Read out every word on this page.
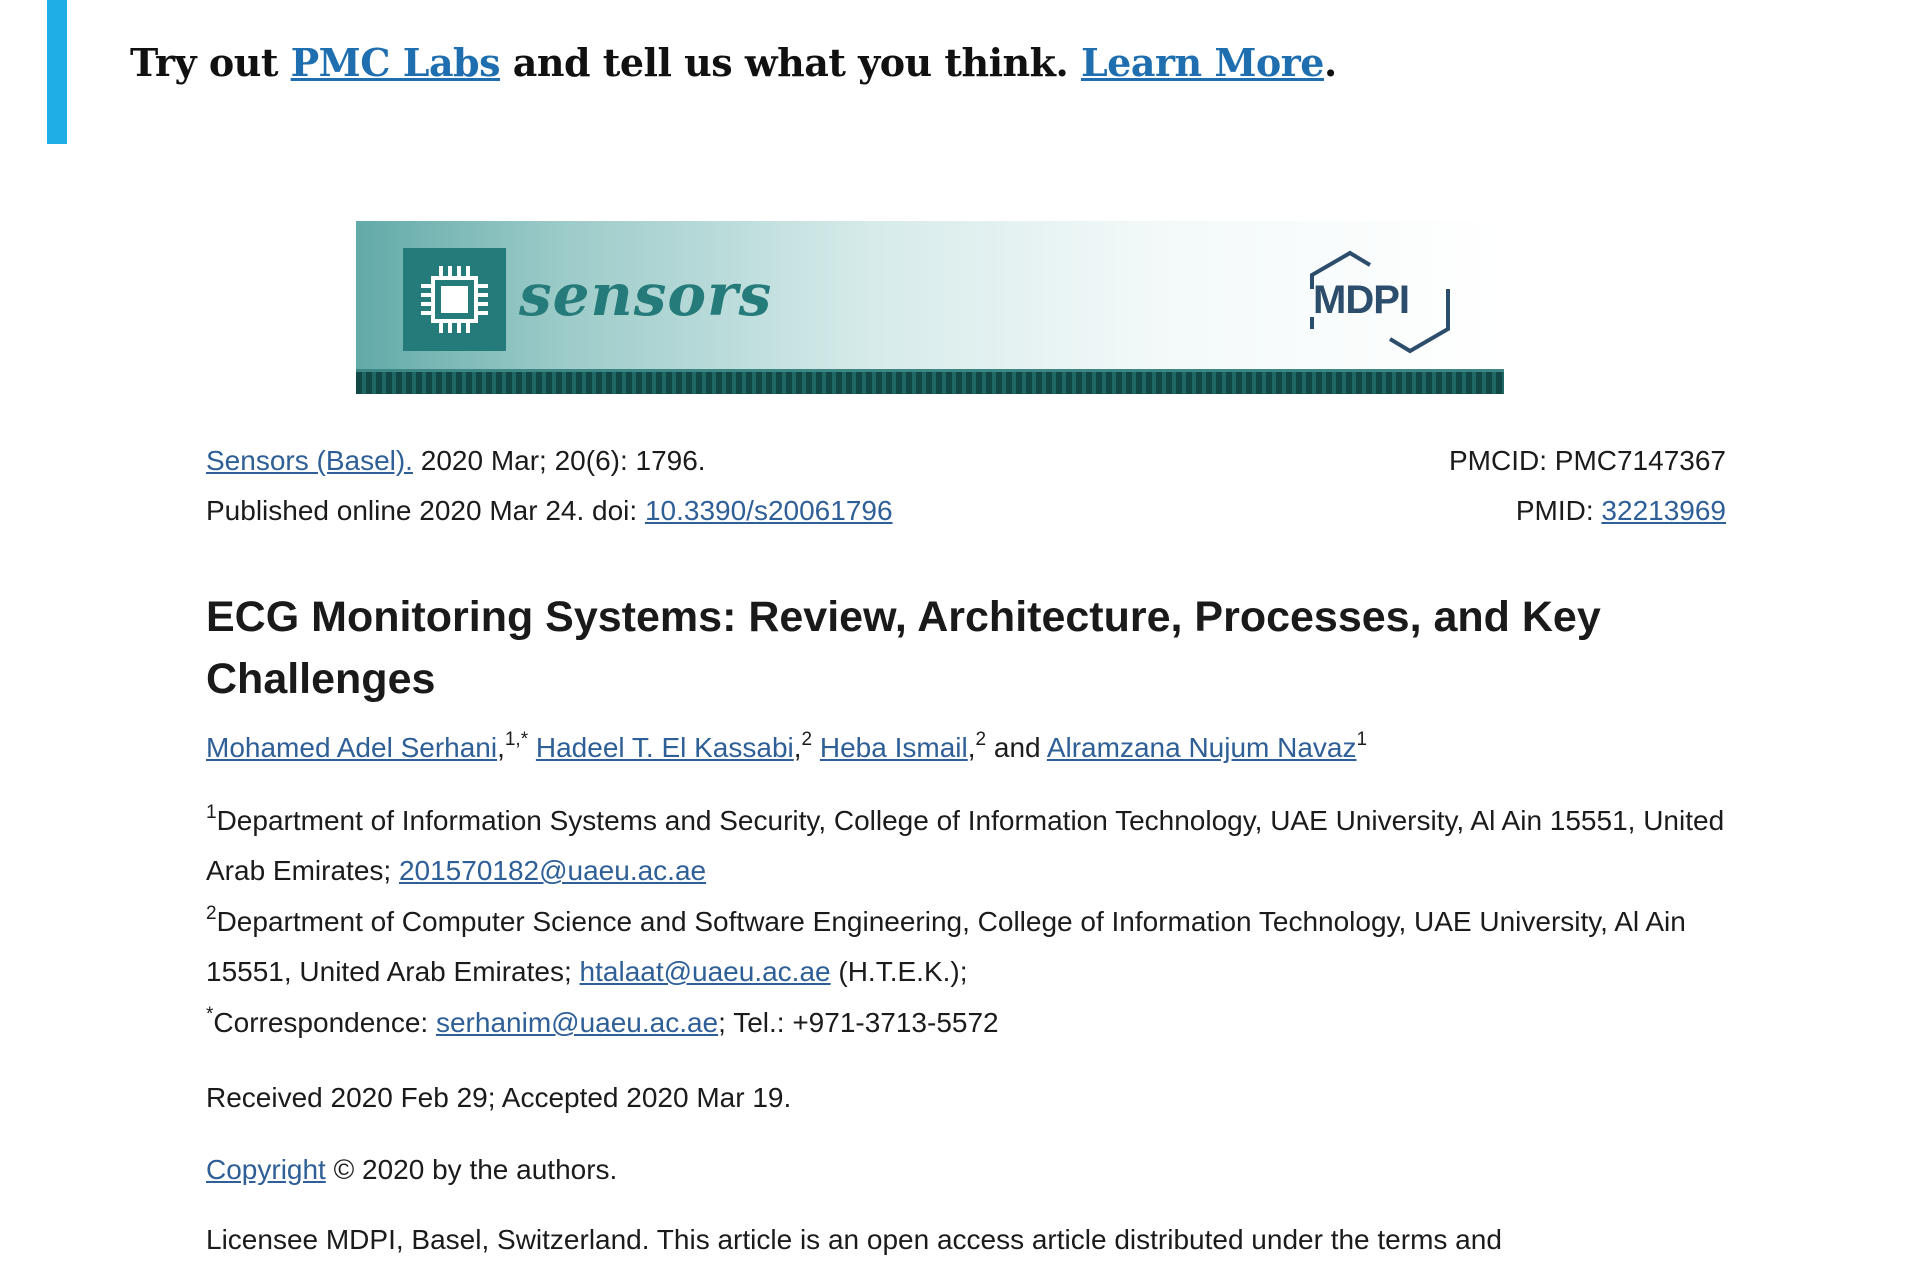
Try out PMC Labs and tell us what you think. Learn More.
sensors	MDPI
Sensors (Basel). 2020 Mar; 20(6): 1796.
Published online 2020 Mar 24. doi: 10.3390/s20061796
PMCID: PMC7147367
PMID: 32213969
ECG Monitoring Systems: Review, Architecture, Processes, and Key Challenges
Mohamed Adel Serhani,$^{1,*}$ Hadeel T. El Kassabi,$^2$ Heba Ismail,$^2$ and Alramzana Nujum Navaz$^1$

$^1$Department of Information Systems and Security, College of Information Technology, UAE University, Al Ain 15551, United Arab Emirates; 201570182@uaeu.ac.ae

$^2$Department of Computer Science and Software Engineering, College of Information Technology, UAE University, Al Ain 15551, United Arab Emirates; htalaat@uaeu.ac.ae (H.T.E.K.);

*Correspondence: serhanim@uaeu.ac.ae; Tel.: +971-3713-5572

Received 2020 Feb 29; Accepted 2020 Mar 19.
Copyright © 2020 by the authors.
Licensee MDPI, Basel, Switzerland. This article is an open access article distributed under the terms and
